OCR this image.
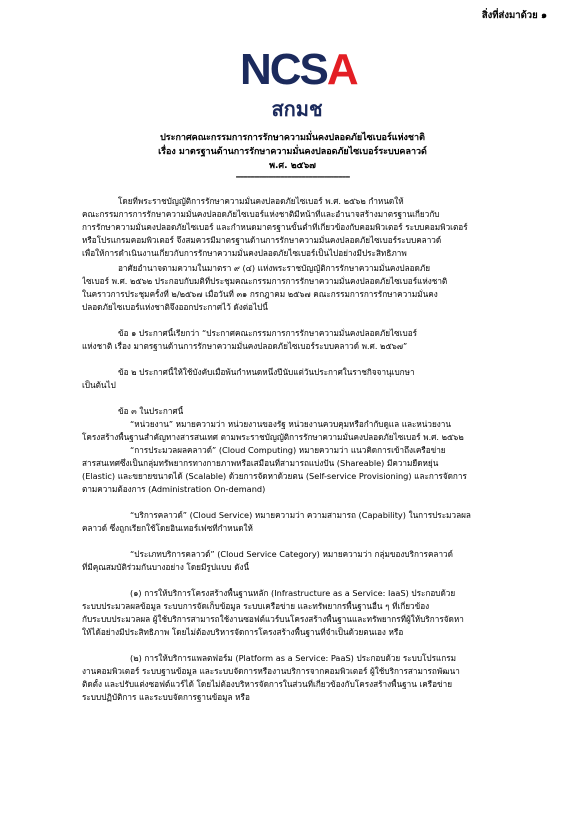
สิ่งที่ส่งมาด้วย ๑
NCSA
สกมช
ประกาศคณะกรรมการการรักษาความมั่นคงปลอดภัยไซเบอร์แห่งชาติ
เรื่อง มาตรฐานด้านการรักษาความมั่นคงปลอดภัยไซเบอร์ระบบคลาวด์
พ.ศ. ๒๕๖๗
-------------------------------------------------
โดยที่พระราชบัญญัติการรักษาความมั่นคงปลอดภัยไซเบอร์ พ.ศ. ๒๕๖๒ กำหนดให้
คณะกรรมการการรักษาความมั่นคงปลอดภัยไซเบอร์แห่งชาติมีหน้าที่และอำนาจสร้างมาตรฐานเกี่ยวกับ
การรักษาความมั่นคงปลอดภัยไซเบอร์ และกำหนดมาตรฐานขั้นต่ำที่เกี่ยวข้องกับคอมพิวเตอร์ ระบบคอมพิวเตอร์
หรือโปรแกรมคอมพิวเตอร์ จึงสมควรมีมาตรฐานด้านการรักษาความมั่นคงปลอดภัยไซเบอร์ระบบคลาวด์
เพื่อให้การดำเนินงานเกี่ยวกับการรักษาความมั่นคงปลอดภัยไซเบอร์เป็นไปอย่างมีประสิทธิภาพ
อาศัยอำนาจตามความในมาตรา ๙ (๔) แห่งพระราชบัญญัติการรักษาความมั่นคงปลอดภัย
ไซเบอร์ พ.ศ. ๒๕๖๒ ประกอบกับมติที่ประชุมคณะกรรมการการรักษาความมั่นคงปลอดภัยไซเบอร์แห่งชาติ
ในคราวการประชุมครั้งที่ ๒/๒๕๖๗ เมื่อวันที่ ๓๑ กรกฎาคม ๒๕๖๗ คณะกรรมการการรักษาความมั่นคง
ปลอดภัยไซเบอร์แห่งชาติจึงออกประกาศไว้ ดังต่อไปนี้
ข้อ ๑ ประกาศนี้เรียกว่า “ประกาศคณะกรรมการการรักษาความมั่นคงปลอดภัยไซเบอร์
แห่งชาติ เรื่อง มาตรฐานด้านการรักษาความมั่นคงปลอดภัยไซเบอร์ระบบคลาวด์ พ.ศ. ๒๕๖๗”
ข้อ ๒ ประกาศนี้ให้ใช้บังคับเมื่อพ้นกำหนดหนึ่งปีนับแต่วันประกาศในราชกิจจานุเบกษา
เป็นต้นไป
ข้อ ๓ ในประกาศนี้
“หน่วยงาน” หมายความว่า หน่วยงานของรัฐ หน่วยงานควบคุมหรือกำกับดูแล และหน่วยงาน
โครงสร้างพื้นฐานสำคัญทางสารสนเทศ ตามพระราชบัญญัติการรักษาความมั่นคงปลอดภัยไซเบอร์ พ.ศ. ๒๕๖๒
“การประมวลผลคลาวด์” (Cloud Computing) หมายความว่า แนวคิดการเข้าถึงเครือข่าย
สารสนเทศซึ่งเป็นกลุ่มทรัพยากรทางกายภาพหรือเสมือนที่สามารถแบ่งปัน (Shareable) มีความยืดหยุ่น
(Elastic) และขยายขนาดได้ (Scalable) ด้วยการจัดหาด้วยตน (Self-service Provisioning) และการจัดการ
ตามความต้องการ (Administration On-demand)
“บริการคลาวด์” (Cloud Service) หมายความว่า ความสามารถ (Capability) ในการประมวลผล
คลาวด์ ซึ่งถูกเรียกใช้โดยอินเทอร์เฟซที่กำหนดให้
“ประเภทบริการคลาวด์” (Cloud Service Category) หมายความว่า กลุ่มของบริการคลาวด์
ที่มีคุณสมบัติร่วมกันบางอย่าง โดยมีรูปแบบ ดังนี้
(๑) การให้บริการโครงสร้างพื้นฐานหลัก (Infrastructure as a Service: IaaS) ประกอบด้วย
ระบบประมวลผลข้อมูล ระบบการจัดเก็บข้อมูล ระบบเครือข่าย และทรัพยากรพื้นฐานอื่น ๆ ที่เกี่ยวข้อง
กับระบบประมวลผล ผู้ใช้บริการสามารถใช้งานซอฟต์แวร์บนโครงสร้างพื้นฐานและทรัพยากรที่ผู้ให้บริการจัดหา
ให้ได้อย่างมีประสิทธิภาพ โดยไม่ต้องบริหารจัดการโครงสร้างพื้นฐานที่จำเป็นด้วยตนเอง หรือ
(๒) การให้บริการแพลตฟอร์ม (Platform as a Service: PaaS) ประกอบด้วย ระบบโปรแกรม
งานคอมพิวเตอร์ ระบบฐานข้อมูล และระบบจัดการหรืองานบริการจากคอมพิวเตอร์ ผู้ใช้บริการสามารถพัฒนา
ติดตั้ง และปรับแต่งซอฟต์แวร์ได้ โดยไม่ต้องบริหารจัดการในส่วนที่เกี่ยวข้องกับโครงสร้างพื้นฐาน เครือข่าย
ระบบปฏิบัติการ และระบบจัดการฐานข้อมูล หรือ
